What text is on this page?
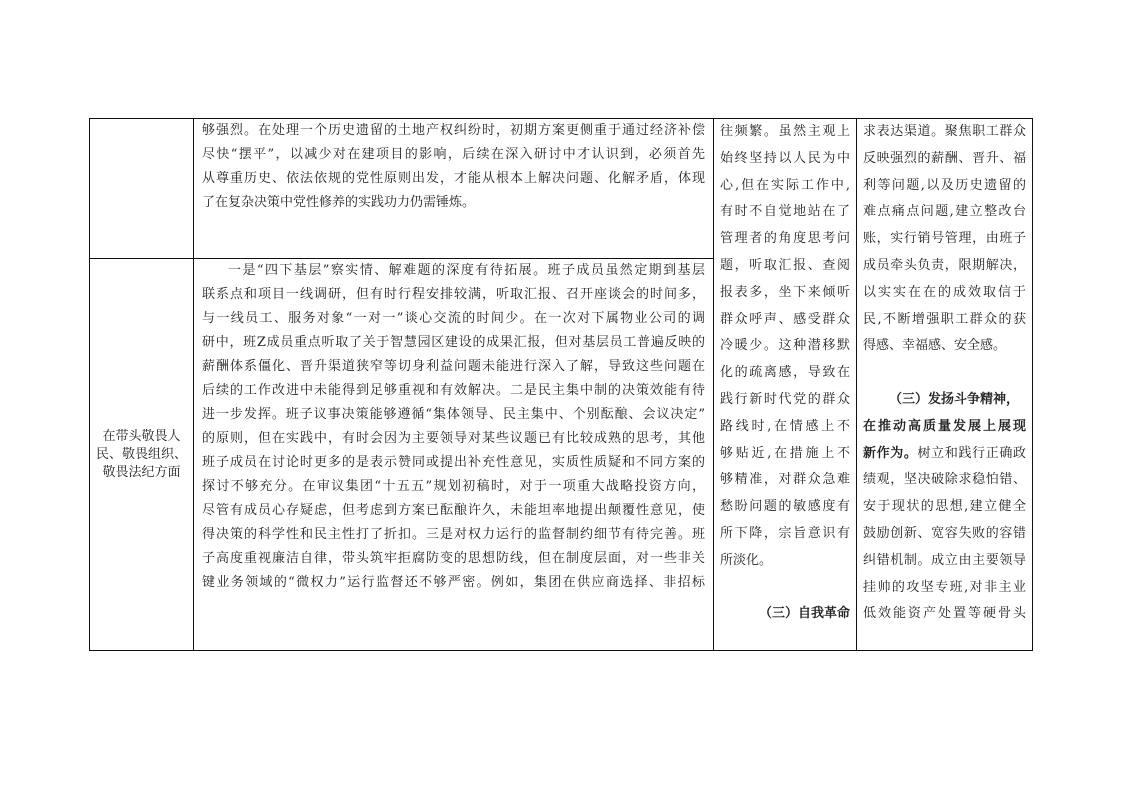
够强烈。在处理一个历史遗留的土地产权纠纷时，初期方案更侧重于通过经济补偿
尽快“摆平”，以减少对在建项目的影响，后续在深入研讨中才认识到，必须首先
从尊重历史、依法依规的党性原则出发，才能从根本上解决问题、化解矛盾，体现
了在复杂决策中党性修养的实践功力仍需锤炼。
在带头敬畏人
民、敬畏组织、
敬畏法纪方面
一是“四下基层”察实情、解难题的深度有待拓展。班子成员虽然定期到基层
联系点和项目一线调研，但有时行程安排较满，听取汇报、召开座谈会的时间多，
与一线员工、服务对象“一对一”谈心交流的时间少。在一次对下属物业公司的调
研中，班Z成员重点听取了关于智慧园区建设的成果汇报，但对基层员工普遍反映的
薪酬体系僵化、晋升渠道狭窄等切身利益问题未能进行深入了解，导致这些问题在
后续的工作改进中未能得到足够重视和有效解决。二是民主集中制的决策效能有待
进一步发挥。班子议事决策能够遵循“集体领导、民主集中、个别酝酿、会议决定”
的原则，但在实践中，有时会因为主要领导对某些议题已有比较成熟的思考，其他
班子成员在讨论时更多的是表示赞同或提出补充性意见，实质性质疑和不同方案的
探讨不够充分。在审议集团“十五五”规划初稿时，对于一项重大战略投资方向，
尽管有成员心存疑虑，但考虑到方案已酝酿许久，未能坦率地提出颠覆性意见，使
得决策的科学性和民主性打了折扣。三是对权力运行的监督制约细节有待完善。班
子高度重视廉洁自律，带头筑牢拒腐防变的思想防线，但在制度层面，对一些非关
键业务领域的“微权力”运行监督还不够严密。例如，集团在供应商选择、非招标
往频繁。虽然主观上
始终坚持以人民为中
心,但在实际工作中,
有时不自觉地站在了
管理者的角度思考问
题，听取汇报、查阅
报表多，坐下来倾听
群众呼声、感受群众
冷暖少。这种潜移默
化的疏离感，导致在
践行新时代党的群众
路线时,在情感上不
够贴近,在措施上不
够精准，对群众急难
愁盼问题的敏感度有
所下降，宗旨意识有
所淡化。
（三）自我革命
求表达渠道。聚焦职工群众
反映强烈的薪酬、晋升、福
利等问题,以及历史遗留的
难点痛点问题,建立整改台
账，实行销号管理，由班子
成员牵头负责，限期解决，
以实实在在的成效取信于
民,不断增强职工群众的获
得感、幸福感、安全感。
（三）发扬斗争精神，
在推动高质量发展上展现
新作为。树立和践行正确政
绩观，坚决破除求稳怕错、
安于现状的思想,建立健全
鼓励创新、宽容失败的容错
纠错机制。成立由主要领导
挂帅的攻坚专班,对非主业
低效能资产处置等硬骨头
